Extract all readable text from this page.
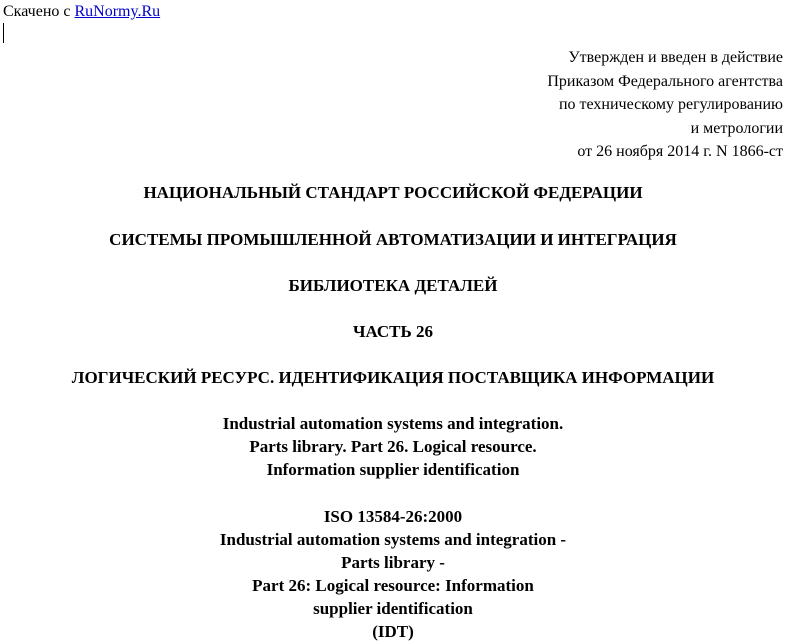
Скачено с RuNormy.Ru
Утвержден и введен в действие
Приказом Федерального агентства
по техническому регулированию
и метрологии
от 26 ноября 2014 г. N 1866-ст
НАЦИОНАЛЬНЫЙ СТАНДАРТ РОССИЙСКОЙ ФЕДЕРАЦИИ
СИСТЕМЫ ПРОМЫШЛЕННОЙ АВТОМАТИЗАЦИИ И ИНТЕГРАЦИЯ
БИБЛИОТЕКА ДЕТАЛЕЙ
ЧАСТЬ 26
ЛОГИЧЕСКИЙ РЕСУРС. ИДЕНТИФИКАЦИЯ ПОСТАВЩИКА ИНФОРМАЦИИ
Industrial automation systems and integration.
Parts library. Part 26. Logical resource.
Information supplier identification
ISO 13584-26:2000
Industrial automation systems and integration -
Parts library -
Part 26: Logical resource: Information
supplier identification
(IDT)
